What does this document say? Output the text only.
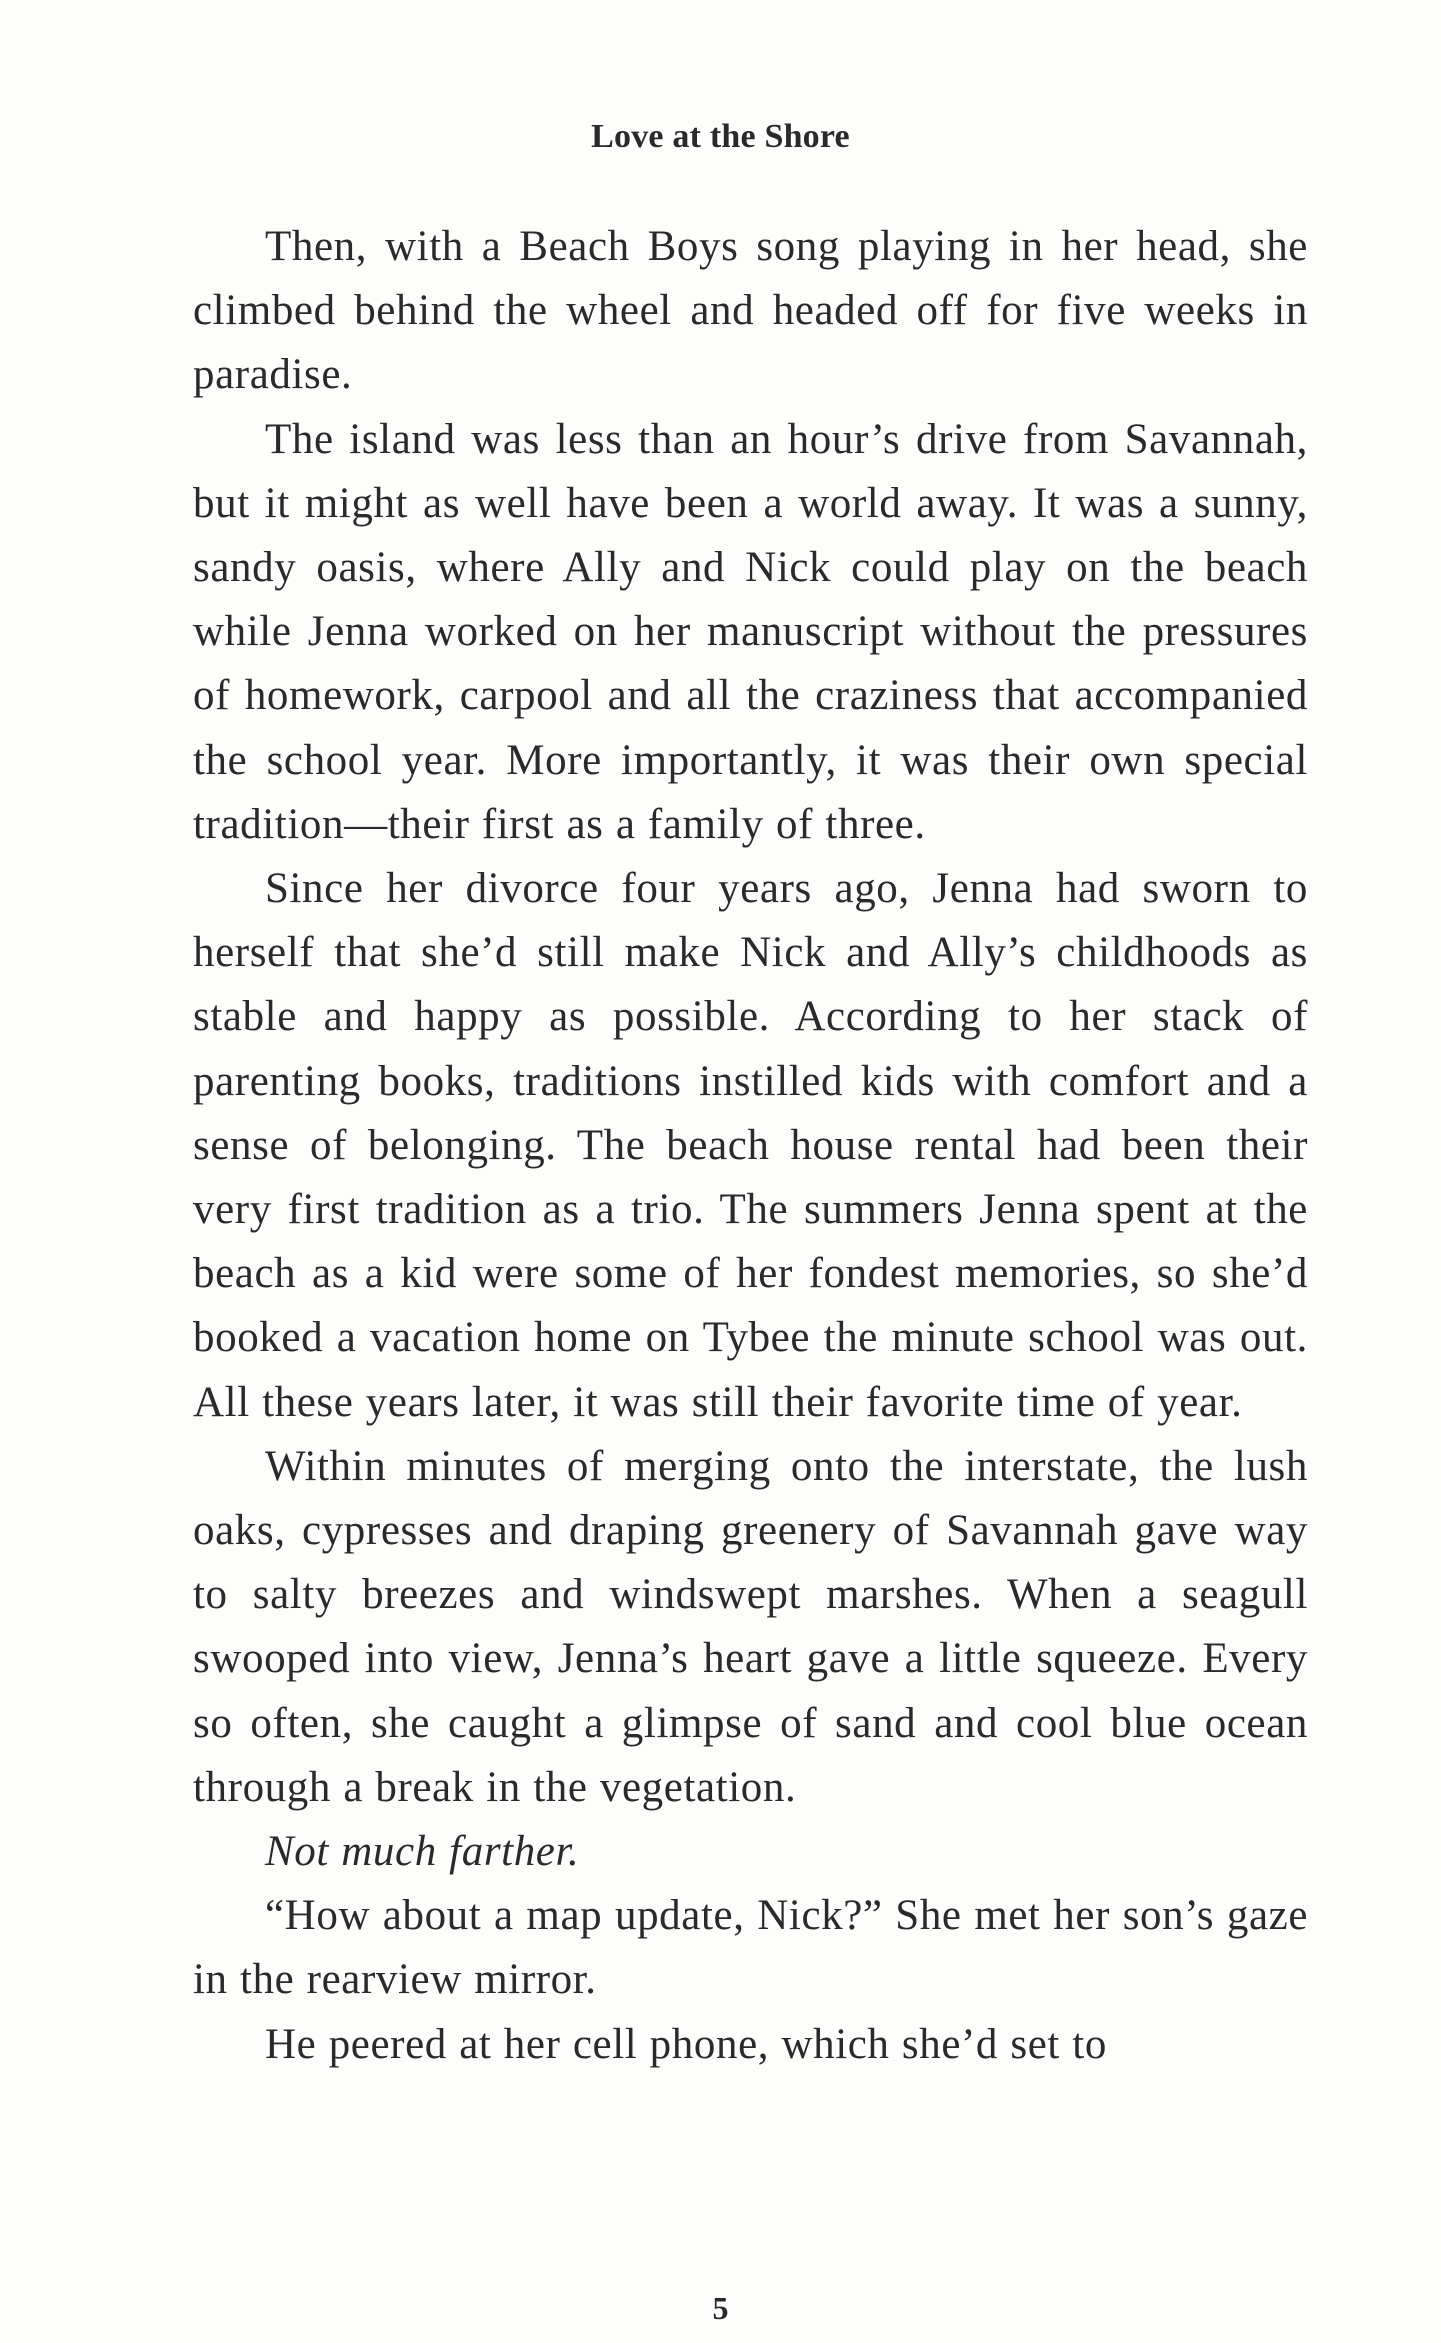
Love at the Shore

Then, with a Beach Boys song playing in her head, she climbed behind the wheel and headed off for five weeks in paradise.

The island was less than an hour’s drive from Savannah, but it might as well have been a world away. It was a sunny, sandy oasis, where Ally and Nick could play on the beach while Jenna worked on her manuscript without the pressures of homework, carpool and all the craziness that accompanied the school year. More importantly, it was their own special tradition—their first as a family of three.

Since her divorce four years ago, Jenna had sworn to herself that she’d still make Nick and Ally’s childhoods as stable and happy as possible. According to her stack of parenting books, traditions instilled kids with comfort and a sense of belonging. The beach house rental had been their very first tradition as a trio. The summers Jenna spent at the beach as a kid were some of her fondest memories, so she’d booked a vacation home on Tybee the minute school was out. All these years later, it was still their favorite time of year.

Within minutes of merging onto the interstate, the lush oaks, cypresses and draping greenery of Savannah gave way to salty breezes and windswept marshes. When a seagull swooped into view, Jenna’s heart gave a little squeeze. Every so often, she caught a glimpse of sand and cool blue ocean through a break in the vegetation.

Not much farther.

“How about a map update, Nick?” She met her son’s gaze in the rearview mirror.

He peered at her cell phone, which she’d set to

5
